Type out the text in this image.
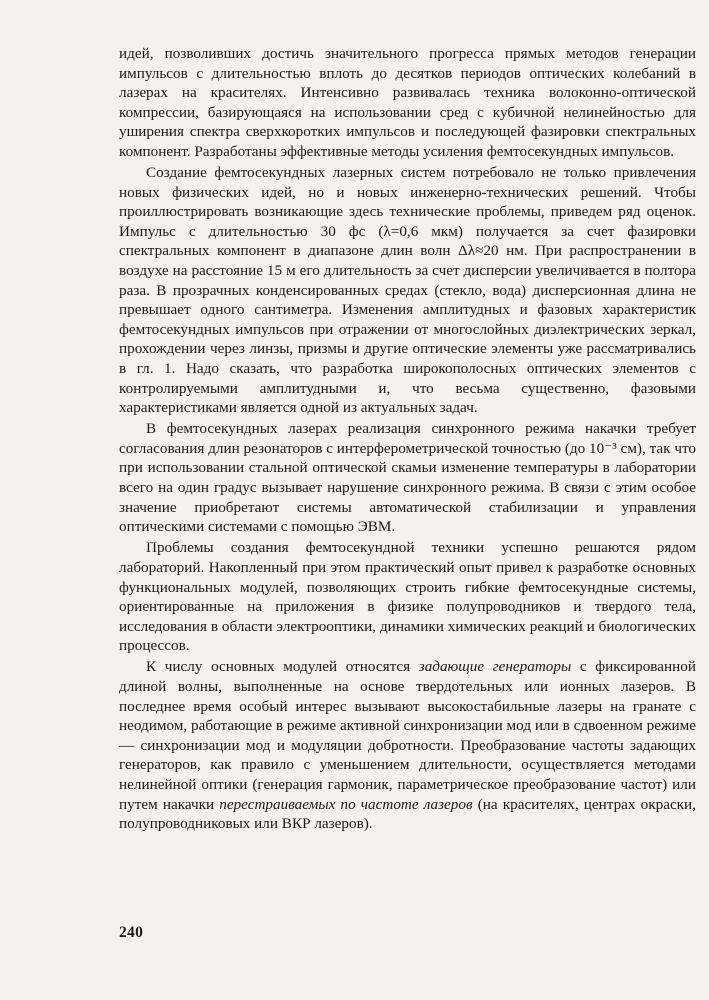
идей, позволивших достичь значительного прогресса прямых методов генерации импульсов с длительностью вплоть до десятков периодов оптических колебаний в лазерах на красителях. Интенсивно развивалась техника волоконно-оптической компрессии, базирующаяся на использовании сред с кубичной нелинейностью для уширения спектра сверхкоротких импульсов и последующей фазировки спектральных компонент. Разработаны эффективные методы усиления фемтосекундных импульсов.

Создание фемтосекундных лазерных систем потребовало не только привлечения новых физических идей, но и новых инженерно-технических решений. Чтобы проиллюстрировать возникающие здесь технические проблемы, приведем ряд оценок. Импульс с длительностью 30 фс (λ=0,6 мкм) получается за счет фазировки спектральных компонент в диапазоне длин волн Δλ≈20 нм. При распространении в воздухе на расстояние 15 м его длительность за счет дисперсии увеличивается в полтора раза. В прозрачных конденсированных средах (стекло, вода) дисперсионная длина не превышает одного сантиметра. Изменения амплитудных и фазовых характеристик фемтосекундных импульсов при отражении от многослойных диэлектрических зеркал, прохождении через линзы, призмы и другие оптические элементы уже рассматривались в гл. 1. Надо сказать, что разработка широкополосных оптических элементов с контролируемыми амплитудными и, что весьма существенно, фазовыми характеристиками является одной из актуальных задач.

В фемтосекундных лазерах реализация синхронного режима накачки требует согласования длин резонаторов с интерферометрической точностью (до 10⁻³ см), так что при использовании стальной оптической скамьи изменение температуры в лаборатории всего на один градус вызывает нарушение синхронного режима. В связи с этим особое значение приобретают системы автоматической стабилизации и управления оптическими системами с помощью ЭВМ.

Проблемы создания фемтосекундной техники успешно решаются рядом лабораторий. Накопленный при этом практический опыт привел к разработке основных функциональных модулей, позволяющих строить гибкие фемтосекундные системы, ориентированные на приложения в физике полупроводников и твердого тела, исследования в области электрооптики, динамики химических реакций и биологических процессов.

К числу основных модулей относятся задающие генераторы с фиксированной длиной волны, выполненные на основе твердотельных или ионных лазеров. В последнее время особый интерес вызывают высокостабильные лазеры на гранате с неодимом, работающие в режиме активной синхронизации мод или в сдвоенном режиме — синхронизации мод и модуляции добротности. Преобразование частоты задающих генераторов, как правило с уменьшением длительности, осуществляется методами нелинейной оптики (генерация гармоник, параметрическое преобразование частот) или путем накачки перестраиваемых по частоте лазеров (на красителях, центрах окраски, полупроводниковых или ВКР лазеров).

240
